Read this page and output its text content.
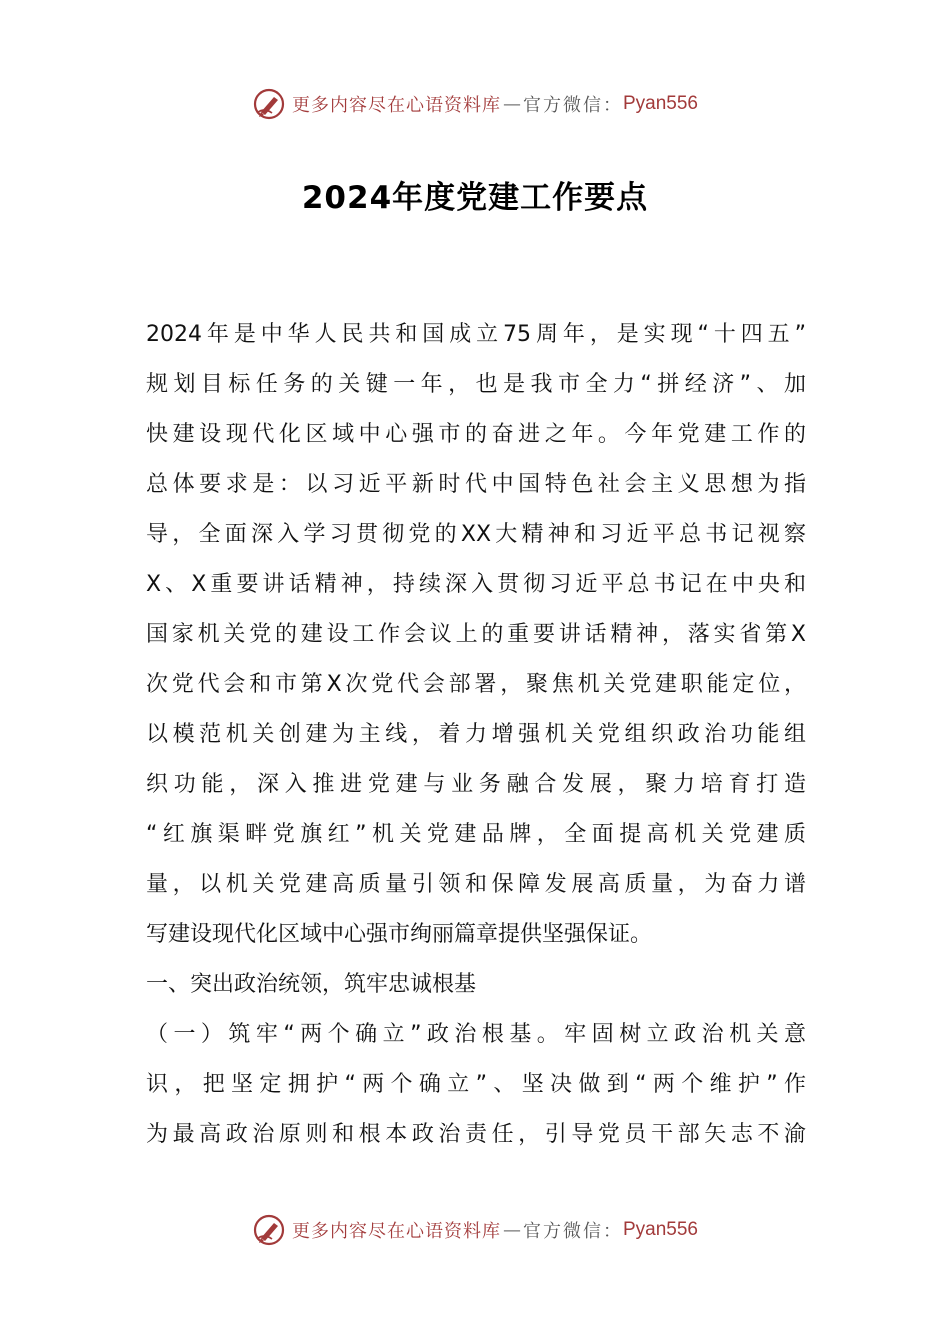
更多内容尽在心语资料库 — 官方微信： Pyan556
2024年度党建工作要点
2024年是中华人民共和国成立75周年，是实现“十四五”
规划目标任务的关键一年，也是我市全力“拼经济”、加
快建设现代化区域中心强市的奋进之年。今年党建工作的
总体要求是：以习近平新时代中国特色社会主义思想为指
导，全面深入学习贯彻党的XX大精神和习近平总书记视察
X、X重要讲话精神，持续深入贯彻习近平总书记在中央和
国家机关党的建设工作会议上的重要讲话精神，落实省第X
次党代会和市第X次党代会部署，聚焦机关党建职能定位，
以模范机关创建为主线，着力增强机关党组织政治功能组
织功能，深入推进党建与业务融合发展，聚力培育打造
“红旗渠畔党旗红”机关党建品牌，全面提高机关党建质
量，以机关党建高质量引领和保障发展高质量，为奋力谱
写建设现代化区域中心强市绚丽篇章提供坚强保证。
一、突出政治统领，筑牢忠诚根基
（一）筑牢“两个确立”政治根基。牢固树立政治机关意
识，把坚定拥护“两个确立”、坚决做到“两个维护”作
为最高政治原则和根本政治责任，引导党员干部矢志不渝
更多内容尽在心语资料库 — 官方微信： Pyan556
